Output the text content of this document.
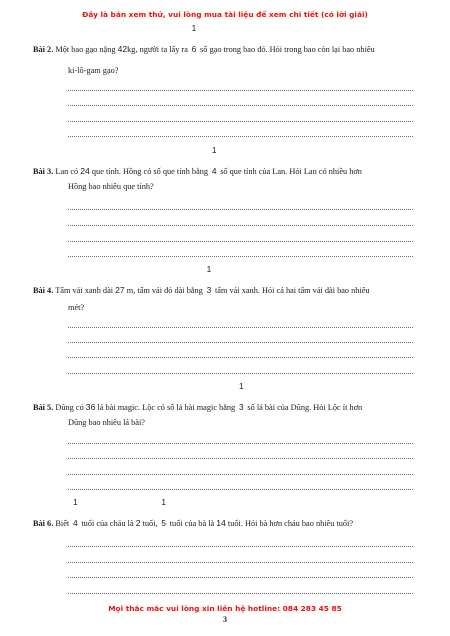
Đây là bản xem thử, vui lòng mua tài liệu để xem chi tiết (có lời giải)
Bài 2. Một bao gạo nặng 42kg, người ta lấy ra
1
6 số gạo trong bao đó. Hỏi trong bao còn lại bao nhiêu
ki-lô-gam gạo?
Bài 3. Lan có 24 que tính. Hồng có số que tính bằng
1
4 số que tính của Lan. Hỏi Lan có nhiều hơn
Hồng bao nhiêu que tính?
Bài 4. Tấm vải xanh dài 27 m, tấm vải đỏ dài bằng
1
3 tấm vải xanh. Hỏi cả hai tấm vải dài bao nhiêu
mét?
Bài 5. Dũng có 36 lá bài magic. Lộc có số lá bài magic bằng
1
3 số lá bài của Dũng. Hỏi Lộc ít hơn
Dũng bao nhiêu lá bài?
Bài 6. Biết
1
4 tuổi của cháu là 2 tuổi,
1
5 tuổi của bà là 14 tuổi. Hỏi bà hơn cháu bao nhiêu tuổi?
Mọi thắc mắc vui lòng xin liên hệ hotline: 084 283 45 85
3
